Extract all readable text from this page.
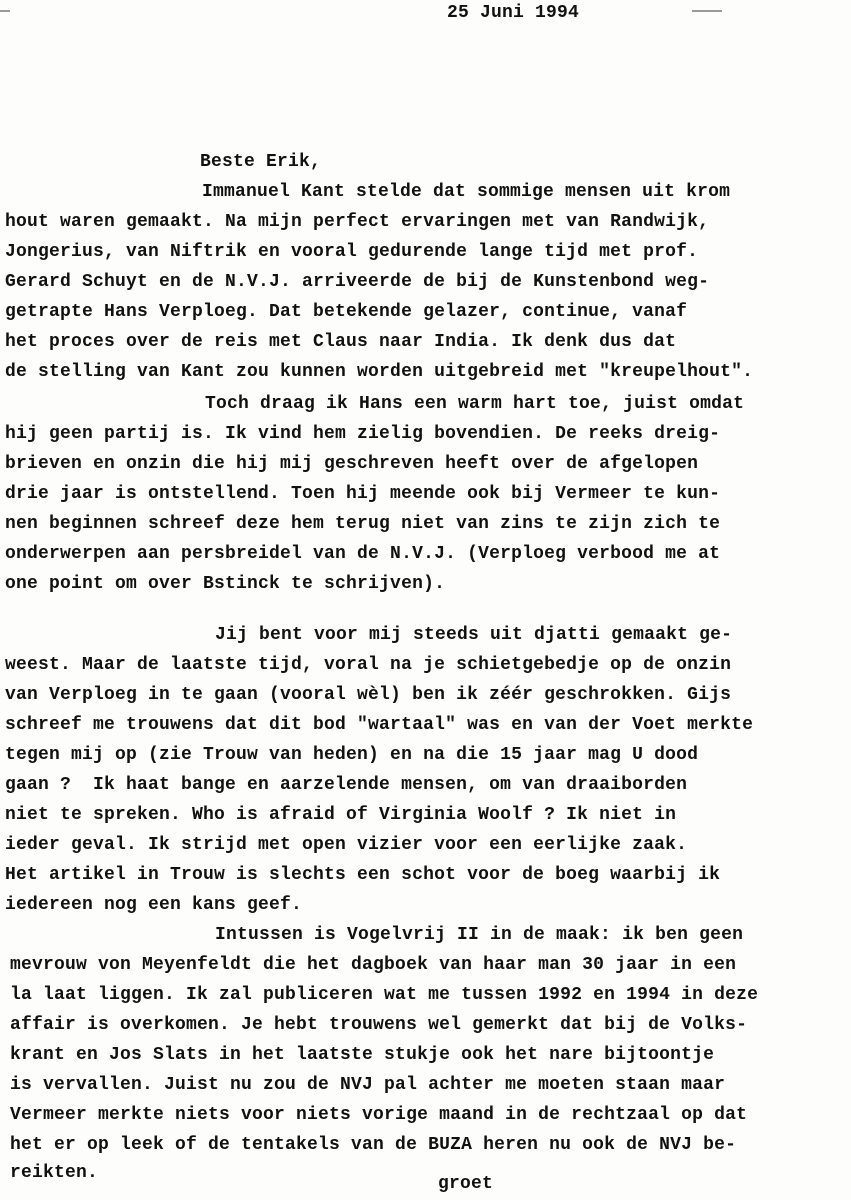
25 Juni 1994
Beste Erik,
Immanuel Kant stelde dat sommige mensen uit krom
hout waren gemaakt. Na mijn perfect ervaringen met van Randwijk,
Jongerius, van Niftrik en vooral gedurende lange tijd met prof.
Gerard Schuyt en de N.V.J. arriveerde de bij de Kunstenbond weg-
getrapte Hans Verploeg. Dat betekende gelazer, continue, vanaf
het proces over de reis met Claus naar India. Ik denk dus dat
de stelling van Kant zou kunnen worden uitgebreid met "kreupelhout".
Toch draag ik Hans een warm hart toe, juist omdat
hij geen partij is. Ik vind hem zielig bovendien. De reeks dreig-
brieven en onzin die hij mij geschreven heeft over de afgelopen
drie jaar is ontstellend. Toen hij meende ook bij Vermeer te kun-
nen beginnen schreef deze hem terug niet van zins te zijn zich te
onderwerpen aan persbreidel van de N.V.J. (Verploeg verbood me at
one point om over Bstinck te schrijven).
Jij bent voor mij steeds uit djatti gemaakt ge-
weest. Maar de laatste tijd, voral na je schietgebedje op de onzin
van Verploeg in te gaan (vooral wèl) ben ik zéér geschrokken. Gijs
schreef me trouwens dat dit bod "wartaal" was en van der Voet merkte
tegen mij op (zie Trouw van heden) en na die 15 jaar mag U dood
gaan ?  Ik haat bange en aarzelende mensen, om van draaiborden
niet te spreken. Who is afraid of Virginia Woolf ? Ik niet in
ieder geval. Ik strijd met open vizier voor een eerlijke zaak.
Het artikel in Trouw is slechts een schot voor de boeg waarbij ik
iedereen nog een kans geef.
Intussen is Vogelvrij II in de maak: ik ben geen
mevrouw von Meyenfeldt die het dagboek van haar man 30 jaar in een
la laat liggen. Ik zal publiceren wat me tussen 1992 en 1994 in deze
affair is overkomen. Je hebt trouwens wel gemerkt dat bij de Volks-
krant en Jos Slats in het laatste stukje ook het nare bijtoontje
is vervallen. Juist nu zou de NVJ pal achter me moeten staan maar
Vermeer merkte niets voor niets vorige maand in de rechtzaal op dat
het er op leek of de tentakels van de BUZA heren nu ook de NVJ be-
reikten.
groet
